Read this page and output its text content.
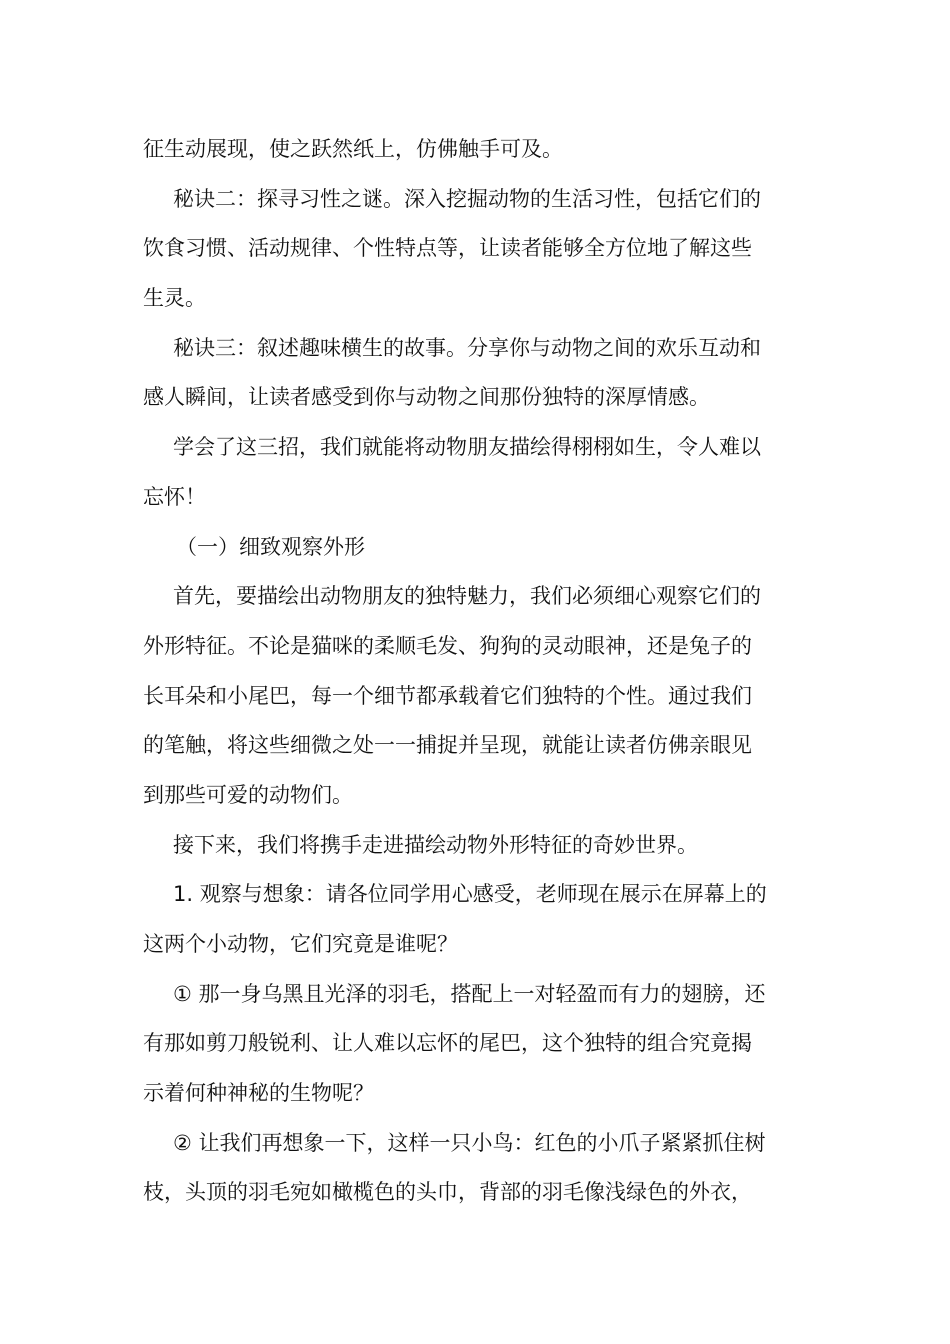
征生动展现，使之跃然纸上，仿佛触手可及。
秘诀二：探寻习性之谜。深入挖掘动物的生活习性，包括它们的
饮食习惯、活动规律、个性特点等，让读者能够全方位地了解这些
生灵。
秘诀三：叙述趣味横生的故事。分享你与动物之间的欢乐互动和
感人瞬间，让读者感受到你与动物之间那份独特的深厚情感。
学会了这三招，我们就能将动物朋友描绘得栩栩如生，令人难以
忘怀！
（一）细致观察外形
首先，要描绘出动物朋友的独特魅力，我们必须细心观察它们的
外形特征。不论是猫咪的柔顺毛发、狗狗的灵动眼神，还是兔子的
长耳朵和小尾巴，每一个细节都承载着它们独特的个性。通过我们
的笔触，将这些细微之处一一捕捉并呈现，就能让读者仿佛亲眼见
到那些可爱的动物们。
接下来，我们将携手走进描绘动物外形特征的奇妙世界。
1. 观察与想象：请各位同学用心感受，老师现在展示在屏幕上的
这两个小动物，它们究竟是谁呢？
① 那一身乌黑且光泽的羽毛，搭配上一对轻盈而有力的翅膀，还
有那如剪刀般锐利、让人难以忘怀的尾巴，这个独特的组合究竟揭
示着何种神秘的生物呢？
② 让我们再想象一下，这样一只小鸟：红色的小爪子紧紧抓住树
枝，头顶的羽毛宛如橄榄色的头巾，背部的羽毛像浅绿色的外衣，
